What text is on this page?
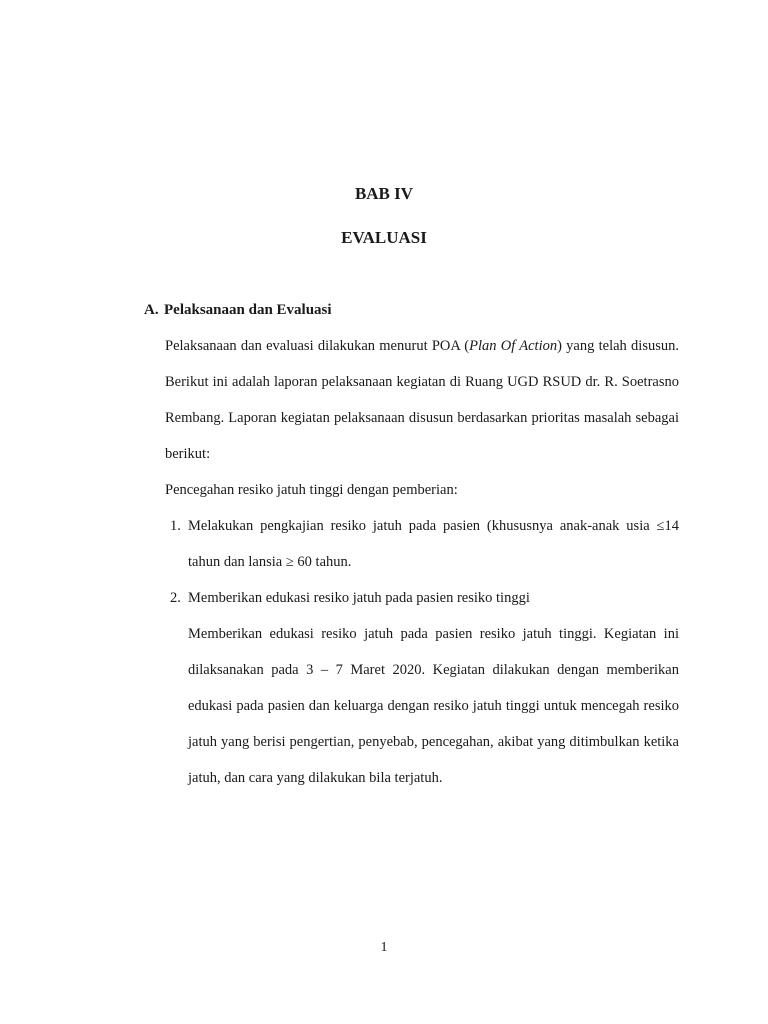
BAB IV
EVALUASI
A. Pelaksanaan dan Evaluasi
Pelaksanaan dan evaluasi dilakukan menurut POA (Plan Of Action) yang telah disusun. Berikut ini adalah laporan pelaksanaan kegiatan di Ruang UGD RSUD dr. R. Soetrasno Rembang. Laporan kegiatan pelaksanaan disusun berdasarkan prioritas masalah sebagai berikut:
Pencegahan resiko jatuh tinggi dengan pemberian:
1. Melakukan pengkajian resiko jatuh pada pasien (khususnya anak-anak usia ≤14 tahun dan lansia ≥ 60 tahun.
2. Memberikan edukasi resiko jatuh pada pasien resiko tinggi
Memberikan edukasi resiko jatuh pada pasien resiko jatuh tinggi. Kegiatan ini dilaksanakan pada 3 – 7 Maret 2020. Kegiatan dilakukan dengan memberikan edukasi pada pasien dan keluarga dengan resiko jatuh tinggi untuk mencegah resiko jatuh yang berisi pengertian, penyebab, pencegahan, akibat yang ditimbulkan ketika jatuh, dan cara yang dilakukan bila terjatuh.
1
